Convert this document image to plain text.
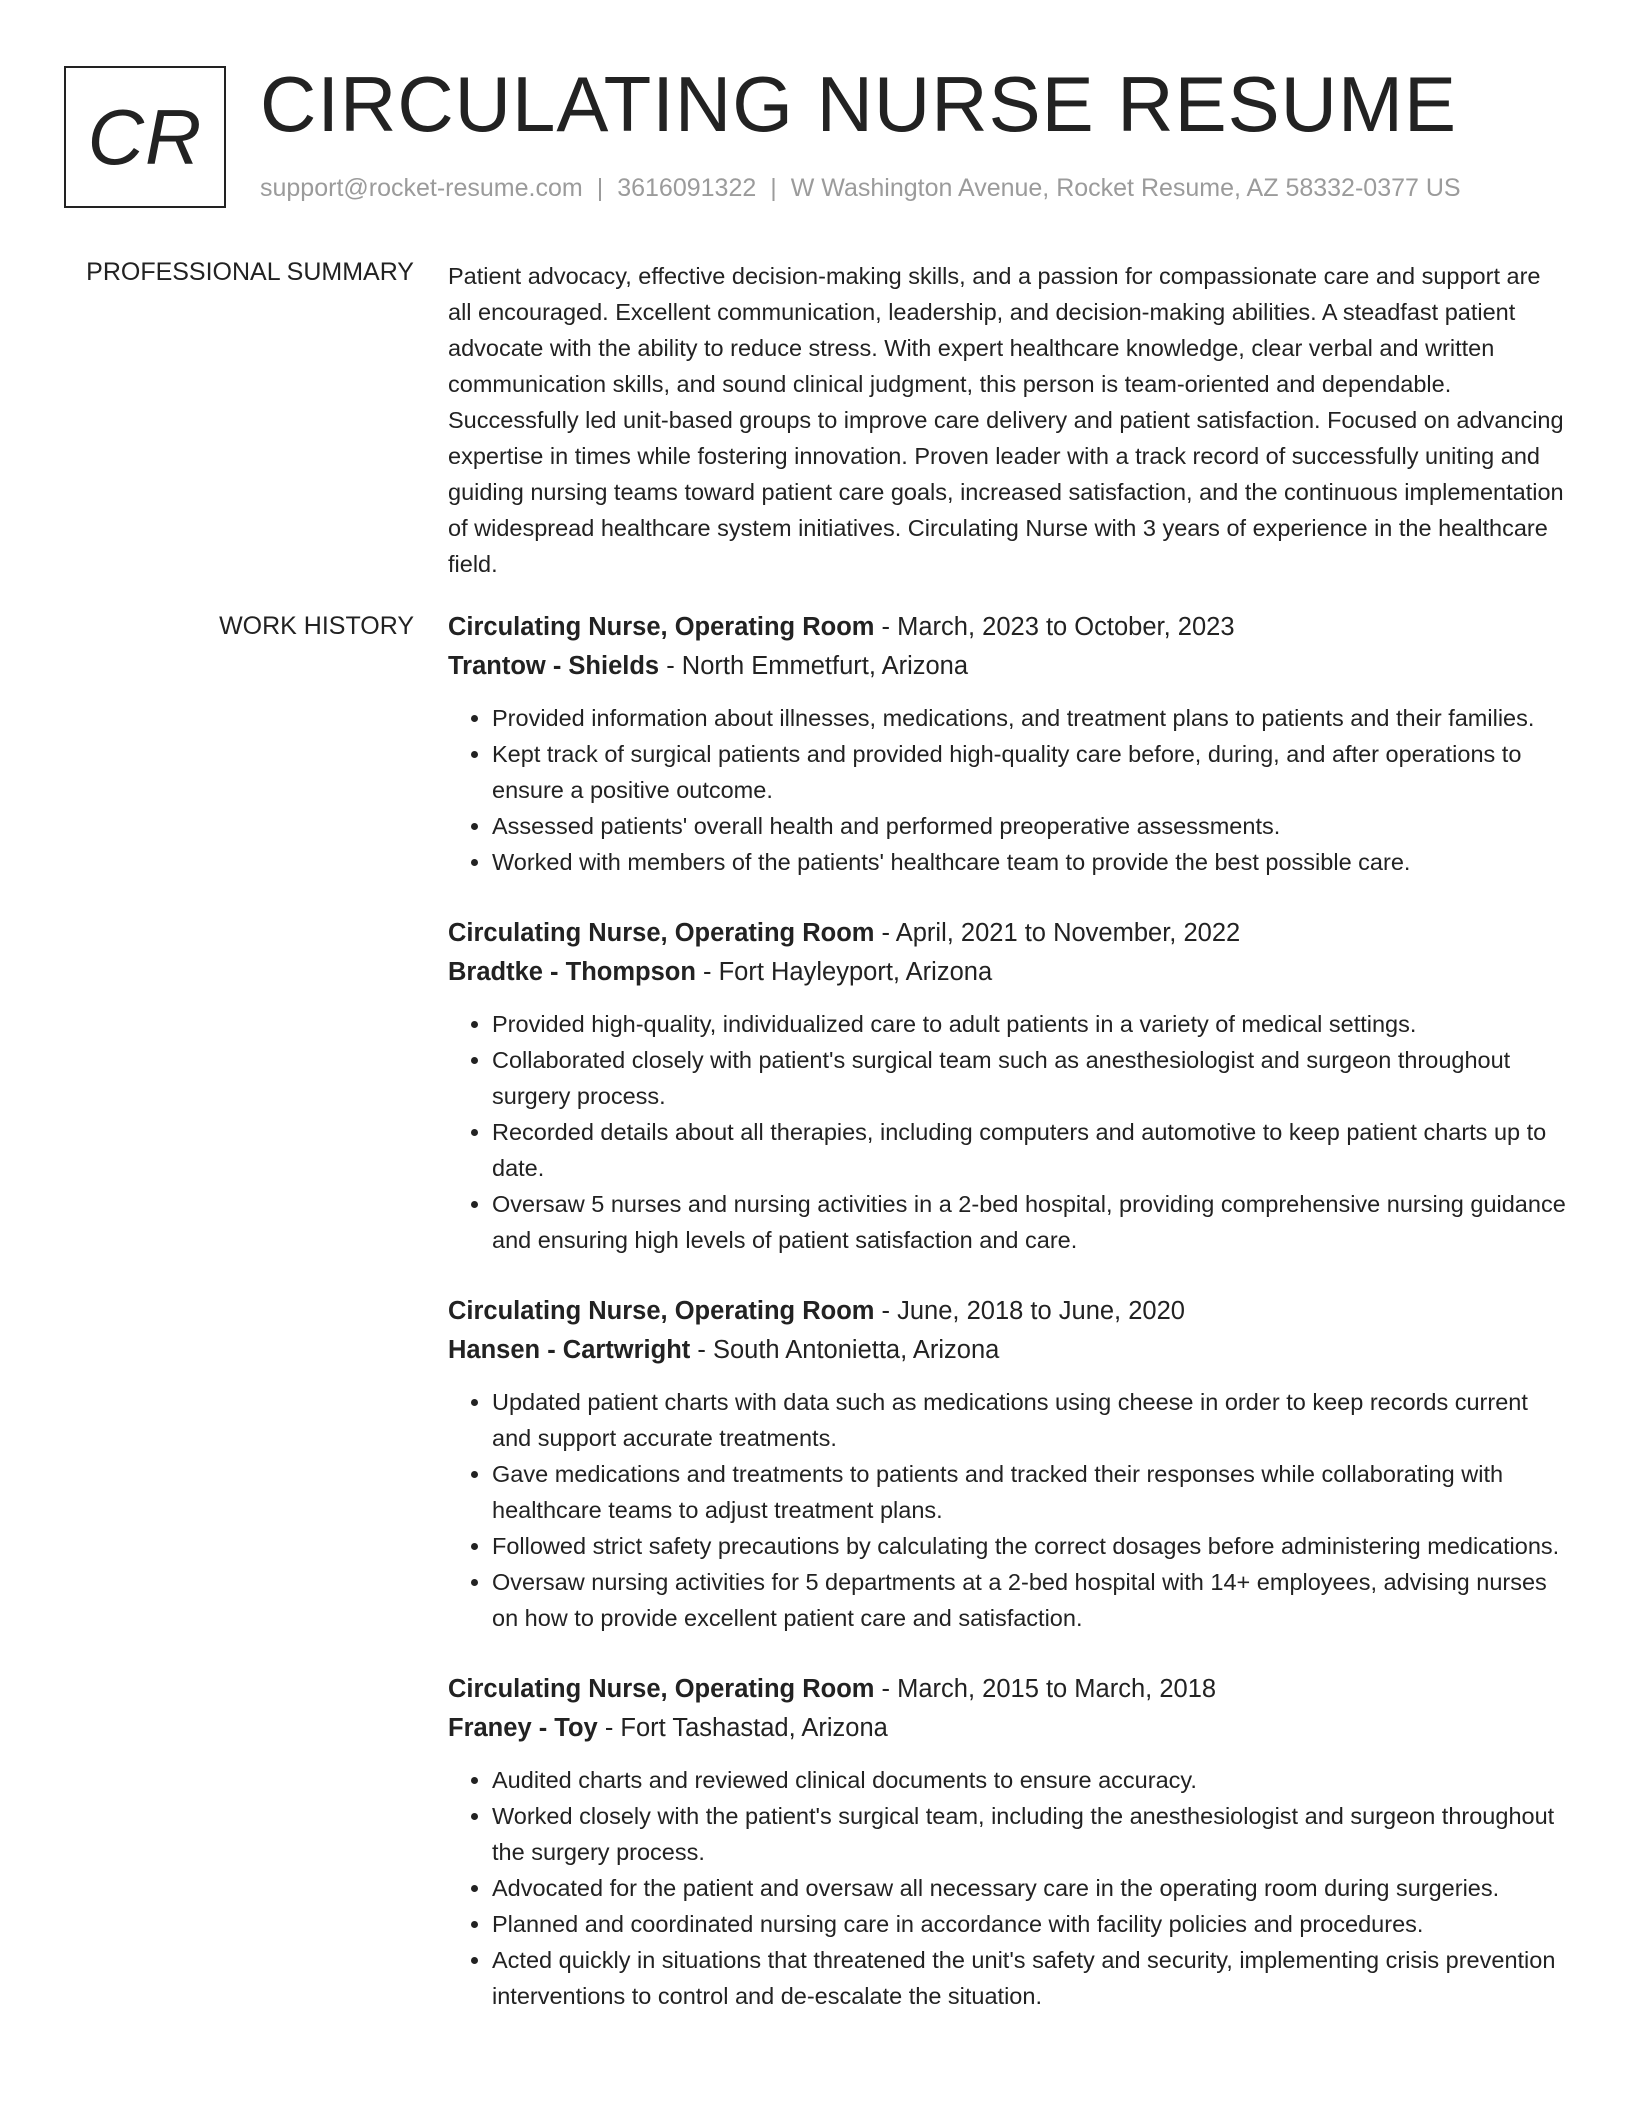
CR CIRCULATING NURSE RESUME
support@rocket-resume.com | 3616091322 | W Washington Avenue, Rocket Resume, AZ 58332-0377 US
PROFESSIONAL SUMMARY Patient advocacy, effective decision-making skills, and a passion for compassionate care and support are all encouraged. Excellent communication, leadership, and decision-making abilities. A steadfast patient advocate with the ability to reduce stress. With expert healthcare knowledge, clear verbal and written communication skills, and sound clinical judgment, this person is team-oriented and dependable. Successfully led unit-based groups to improve care delivery and patient satisfaction. Focused on advancing expertise in times while fostering innovation. Proven leader with a track record of successfully uniting and guiding nursing teams toward patient care goals, increased satisfaction, and the continuous implementation of widespread healthcare system initiatives. Circulating Nurse with 3 years of experience in the healthcare field.

WORK HISTORY Circulating Nurse, Operating Room - March, 2023 to October, 2023
Trantow - Shields - North Emmetfurt, Arizona
• Provided information about illnesses, medications, and treatment plans to patients and their families.
• Kept track of surgical patients and provided high-quality care before, during, and after operations to ensure a positive outcome.
• Assessed patients' overall health and performed preoperative assessments.
• Worked with members of the patients' healthcare team to provide the best possible care.
Circulating Nurse, Operating Room - April, 2021 to November, 2022
Bradtke - Thompson - Fort Hayleyport, Arizona
• Provided high-quality, individualized care to adult patients in a variety of medical settings.
• Collaborated closely with patient's surgical team such as anesthesiologist and surgeon throughout surgery process.
• Recorded details about all therapies, including computers and automotive to keep patient charts up to date.
• Oversaw 5 nurses and nursing activities in a 2-bed hospital, providing comprehensive nursing guidance and ensuring high levels of patient satisfaction and care.
Circulating Nurse, Operating Room - June, 2018 to June, 2020
Hansen - Cartwright - South Antonietta, Arizona
• Updated patient charts with data such as medications using cheese in order to keep records current and support accurate treatments.
• Gave medications and treatments to patients and tracked their responses while collaborating with healthcare teams to adjust treatment plans.
• Followed strict safety precautions by calculating the correct dosages before administering medications.
• Oversaw nursing activities for 5 departments at a 2-bed hospital with 14+ employees, advising nurses on how to provide excellent patient care and satisfaction.
Circulating Nurse, Operating Room - March, 2015 to March, 2018
Franey - Toy - Fort Tashastad, Arizona
• Audited charts and reviewed clinical documents to ensure accuracy.
• Worked closely with the patient's surgical team, including the anesthesiologist and surgeon throughout the surgery process.
• Advocated for the patient and oversaw all necessary care in the operating room during surgeries.
• Planned and coordinated nursing care in accordance with facility policies and procedures.
• Acted quickly in situations that threatened the unit's safety and security, implementing crisis prevention interventions to control and de-escalate the situation.
